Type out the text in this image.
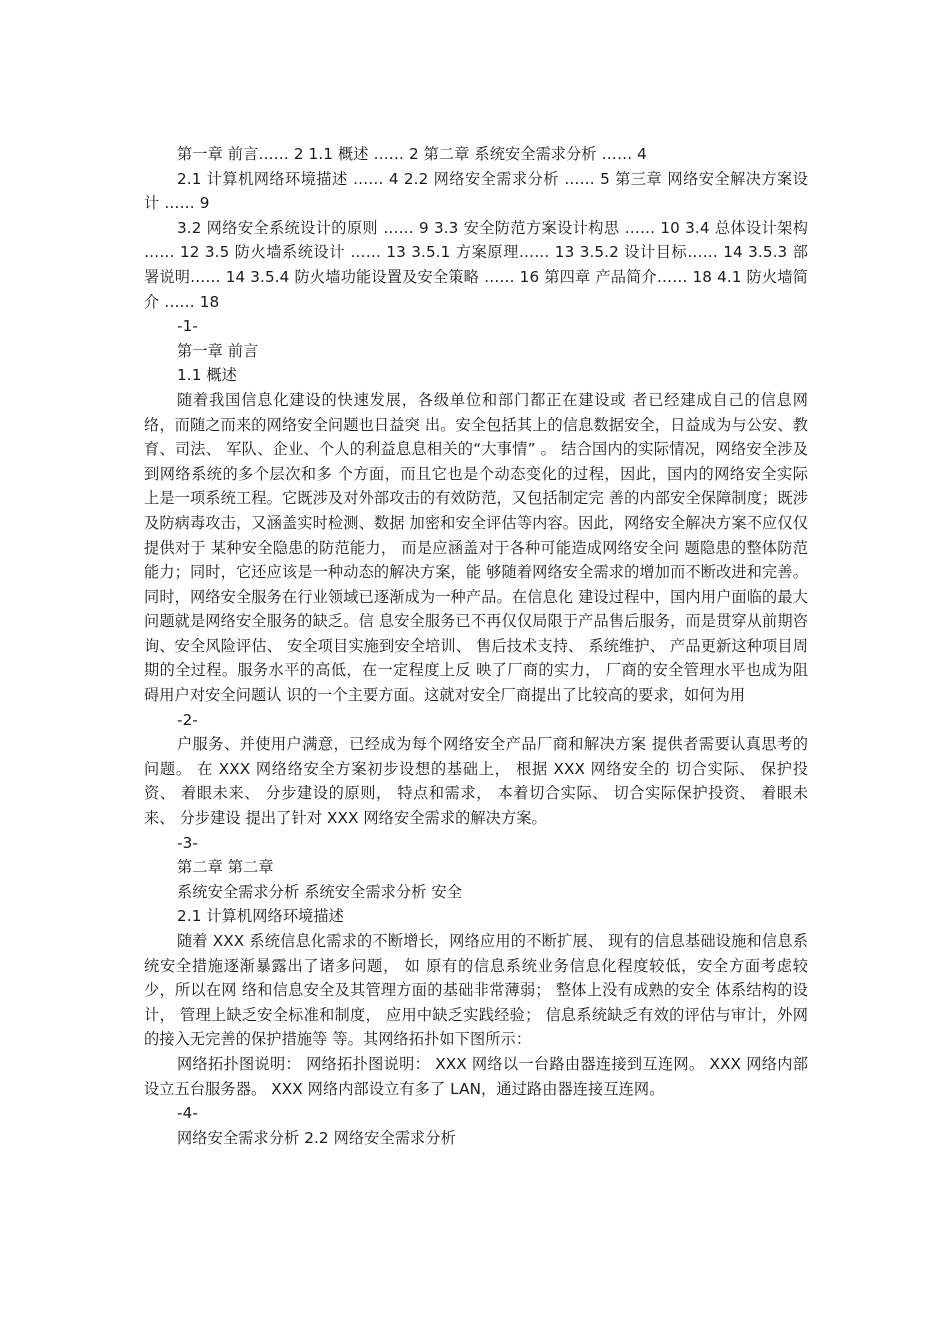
第一章 前言…… 2 1.1 概述 …… 2 第二章 系统安全需求分析 …… 4

2.1 计算机网络环境描述 …… 4 2.2 网络安全需求分析 …… 5 第三章 网络安全解决方案设计 …… 9

3.2 网络安全系统设计的原则 …… 9 3.3 安全防范方案设计构思 …… 10 3.4 总体设计架构 …… 12 3.5 防火墙系统设计 …… 13 3.5.1 方案原理…… 13 3.5.2 设计目标…… 14 3.5.3 部署说明…… 14 3.5.4 防火墙功能设置及安全策略 …… 16 第四章 产品简介…… 18 4.1 防火墙简介 …… 18

-1-

第一章 前言

1.1 概述

随着我国信息化建设的快速发展，各级单位和部门都正在建设或 者已经建成自己的信息网络，而随之而来的网络安全问题也日益突 出。安全包括其上的信息数据安全，日益成为与公安、教育、司法、 军队、企业、个人的利益息息相关的“大事情” 。 结合国内的实际情况，网络安全涉及到网络系统的多个层次和多 个方面，而且它也是个动态变化的过程，因此，国内的网络安全实际 上是一项系统工程。它既涉及对外部攻击的有效防范，又包括制定完 善的内部安全保障制度；既涉及防病毒攻击，又涵盖实时检测、数据 加密和安全评估等内容。因此，网络安全解决方案不应仅仅提供对于 某种安全隐患的防范能力， 而是应涵盖对于各种可能造成网络安全问 题隐患的整体防范能力；同时，它还应该是一种动态的解决方案，能 够随着网络安全需求的增加而不断改进和完善。 同时，网络安全服务在行业领域已逐渐成为一种产品。在信息化 建设过程中，国内用户面临的最大问题就是网络安全服务的缺乏。信 息安全服务已不再仅仅局限于产品售后服务，而是贯穿从前期咨询、安全风险评估、 安全项目实施到安全培训、 售后技术支持、 系统维护、 产品更新这种项目周期的全过程。服务水平的高低，在一定程度上反 映了厂商的实力， 厂商的安全管理水平也成为阻碍用户对安全问题认 识的一个主要方面。这就对安全厂商提出了比较高的要求，如何为用

-2-

户服务、并使用户满意，已经成为每个网络安全产品厂商和解决方案 提供者需要认真思考的问题。 在 XXX 网络络安全方案初步设想的基础上， 根据 XXX 网络安全的 切合实际、 保护投资、 着眼未来、 分步建设的原则， 特点和需求， 本着切合实际、 切合实际保护投资、 着眼未来、 分步建设 提出了针对 XXX 网络安全需求的解决方案。

-3-

第二章 第二章

系统安全需求分析 系统安全需求分析 安全

2.1 计算机网络环境描述

随着 XXX 系统信息化需求的不断增长，网络应用的不断扩展、 现有的信息基础设施和信息系统安全措施逐渐暴露出了诸多问题， 如 原有的信息系统业务信息化程度较低，安全方面考虑较少，所以在网 络和信息安全及其管理方面的基础非常薄弱； 整体上没有成熟的安全 体系结构的设计， 管理上缺乏安全标准和制度， 应用中缺乏实践经验； 信息系统缺乏有效的评估与审计，外网的接入无完善的保护措施等 等。其网络拓扑如下图所示：

网络拓扑图说明： 网络拓扑图说明： XXX 网络以一台路由器连接到互连网。 XXX 网络内部设立五台服务器。 XXX 网络内部设立有多了 LAN，通过路由器连接互连网。

-4-

网络安全需求分析 2.2 网络安全需求分析
